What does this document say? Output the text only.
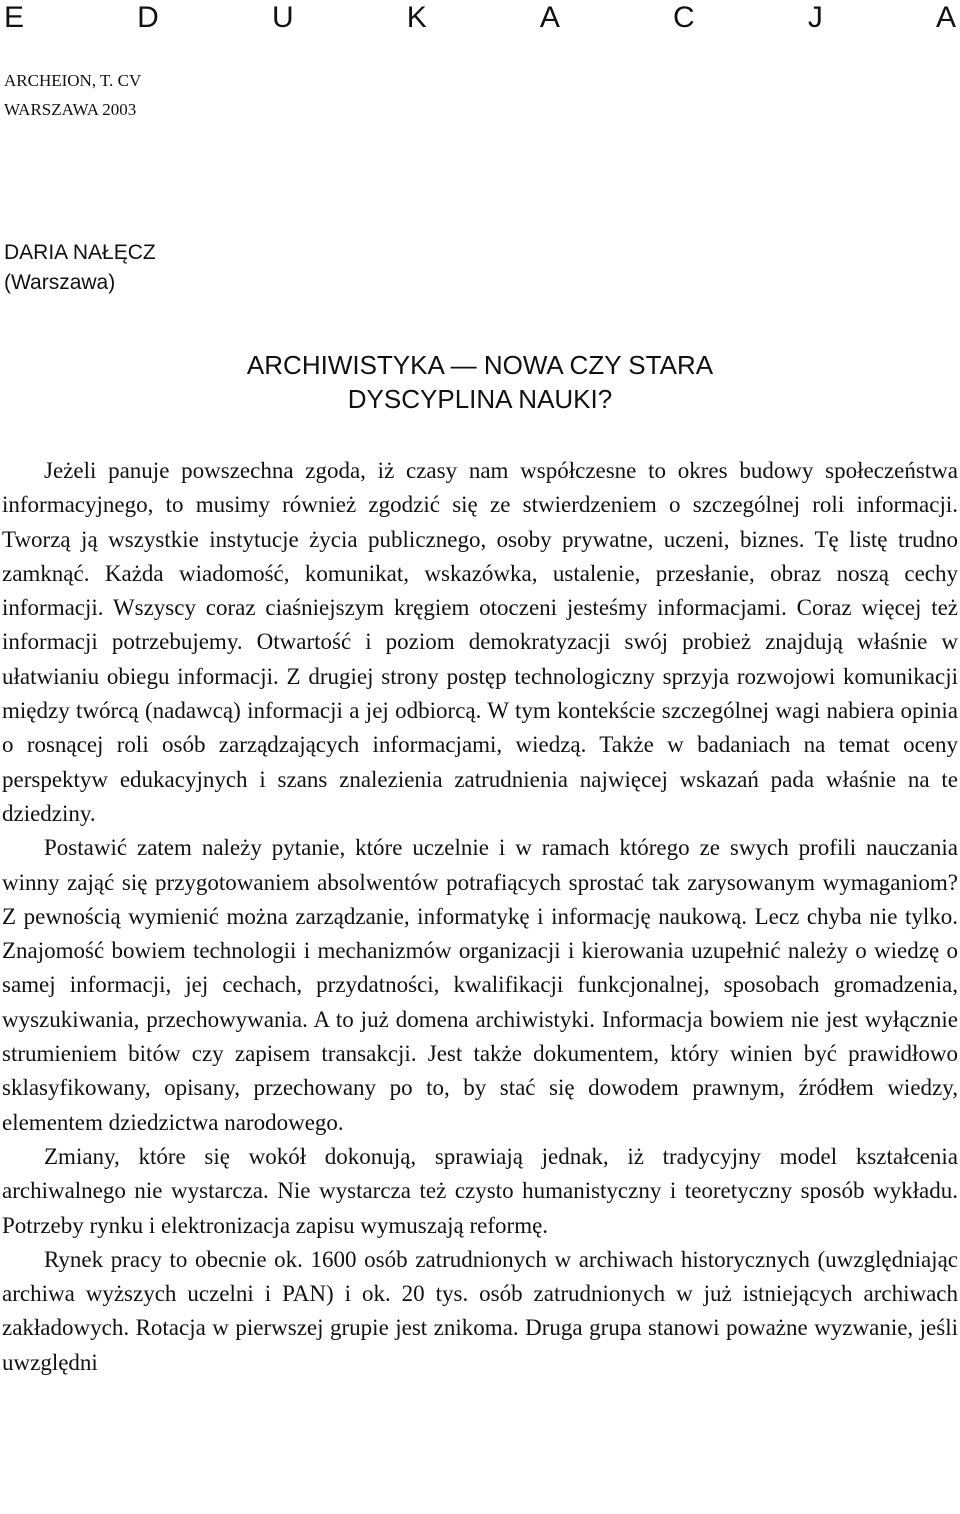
E	D	U	K	A	C	J	A
ARCHEION, T. CV
WARSZAWA 2003
DARIA NAŁĘCZ
(Warszawa)
ARCHIWISTYKA — NOWA CZY STARA
DYSCYPLINA NAUKI?

Jeżeli panuje powszechna zgoda, iż czasy nam współczesne to okres budowy społeczeństwa informacyjnego, to musimy również zgodzić się ze stwierdzeniem o szczególnej roli informacji. Tworzą ją wszystkie instytucje życia publicznego, osoby prywatne, uczeni, biznes. Tę listę trudno zamknąć. Każda wiadomość, komunikat, wskazówka, ustalenie, przesłanie, obraz noszą cechy informacji. Wszyscy coraz ciaśniejszym kręgiem otoczeni jesteśmy informacjami. Coraz więcej też informacji potrzebujemy. Otwartość i poziom demokratyzacji swój probież znajdują właśnie w ułatwianiu obiegu informacji. Z drugiej strony postęp technologiczny sprzyja rozwojowi komunikacji między twórcą (nadawcą) informacji a jej odbiorcą. W tym kontekście szczególnej wagi nabiera opinia o rosnącej roli osób zarządzających informacjami, wiedzą. Także w badaniach na temat oceny perspektyw edukacyjnych i szans znalezienia zatrudnienia najwięcej wskazań pada właśnie na te dziedziny.

Postawić zatem należy pytanie, które uczelnie i w ramach którego ze swych profili nauczania winny zająć się przygotowaniem absolwentów potrafiących sprostać tak zarysowanym wymaganiom? Z pewnością wymienić można zarządzanie, informatykę i informację naukową. Lecz chyba nie tylko. Znajomość bowiem technologii i mechanizmów organizacji i kierowania uzupełnić należy o wiedzę o samej informacji, jej cechach, przydatności, kwalifikacji funkcjonalnej, sposobach gromadzenia, wyszukiwania, przechowywania. A to już domena archiwistyki. Informacja bowiem nie jest wyłącznie strumieniem bitów czy zapisem transakcji. Jest także dokumentem, który winien być prawidłowo sklasyfikowany, opisany, przechowany po to, by stać się dowodem prawnym, źródłem wiedzy, elementem dziedzictwa narodowego.

Zmiany, które się wokół dokonują, sprawiają jednak, iż tradycyjny model kształcenia archiwalnego nie wystarcza. Nie wystarcza też czysto humanistyczny i teoretyczny sposób wykładu. Potrzeby rynku i elektronizacja zapisu wymuszają reformę.

Rynek pracy to obecnie ok. 1600 osób zatrudnionych w archiwach historycznych (uwzględniając archiwa wyższych uczelni i PAN) i ok. 20 tys. osób zatrudnionych w już istniejących archiwach zakładowych. Rotacja w pierwszej grupie jest znikoma. Druga grupa stanowi poważne wyzwanie, jeśli uwzględni
